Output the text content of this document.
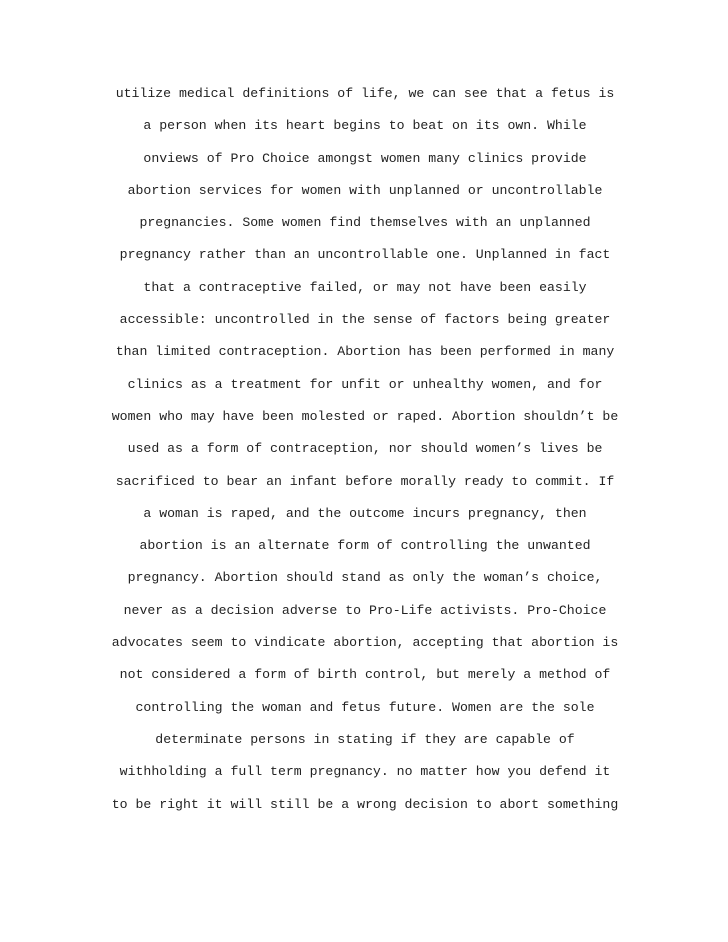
utilize medical definitions of life, we can see that a fetus is
a person when its heart begins to beat on its own. While
onviews of Pro Choice amongst women many clinics provide
abortion services for women with unplanned or uncontrollable
pregnancies. Some women find themselves with an unplanned
pregnancy rather than an uncontrollable one. Unplanned in fact
that a contraceptive failed, or may not have been easily
accessible: uncontrolled in the sense of factors being greater
than limited contraception. Abortion has been performed in many
clinics as a treatment for unfit or unhealthy women, and for
women who may have been molested or raped. Abortion shouldn’t be
used as a form of contraception, nor should women’s lives be
sacrificed to bear an infant before morally ready to commit. If
a woman is raped, and the outcome incurs pregnancy, then
abortion is an alternate form of controlling the unwanted
pregnancy. Abortion should stand as only the woman’s choice,
never as a decision adverse to Pro-Life activists. Pro-Choice
advocates seem to vindicate abortion, accepting that abortion is
not considered a form of birth control, but merely a method of
controlling the woman and fetus future. Women are the sole
determinate persons in stating if they are capable of
withholding a full term pregnancy. no matter how you defend it
to be right it will still be a wrong decision to abort something
